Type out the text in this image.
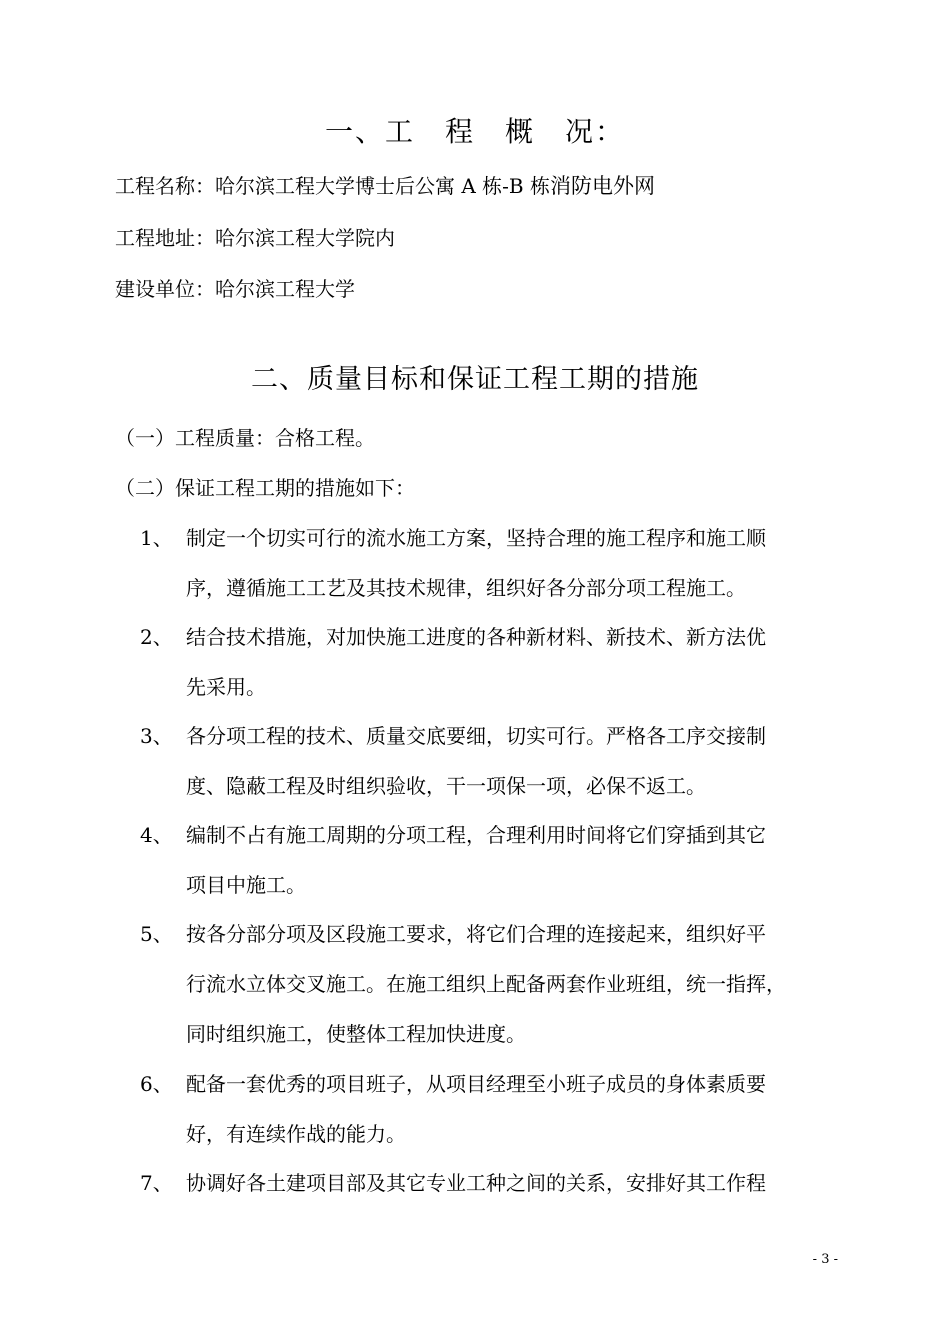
一、工　程　概　况：
工程名称：哈尔滨工程大学博士后公寓 A 栋-B 栋消防电外网
工程地址：哈尔滨工程大学院内
建设单位：哈尔滨工程大学
二、质量目标和保证工程工期的措施
（一）工程质量：合格工程。
（二）保证工程工期的措施如下：
1、 制定一个切实可行的流水施工方案，坚持合理的施工程序和施工顺
序，遵循施工工艺及其技术规律，组织好各分部分项工程施工。
2、 结合技术措施，对加快施工进度的各种新材料、新技术、新方法优
先采用。
3、 各分项工程的技术、质量交底要细，切实可行。严格各工序交接制
度、隐蔽工程及时组织验收，干一项保一项，必保不返工。
4、 编制不占有施工周期的分项工程，合理利用时间将它们穿插到其它
项目中施工。
5、 按各分部分项及区段施工要求，将它们合理的连接起来，组织好平
行流水立体交叉施工。在施工组织上配备两套作业班组，统一指挥，
同时组织施工，使整体工程加快进度。
6、 配备一套优秀的项目班子，从项目经理至小班子成员的身体素质要
好，有连续作战的能力。
7、 协调好各土建项目部及其它专业工种之间的关系，安排好其工作程
- 3 -
